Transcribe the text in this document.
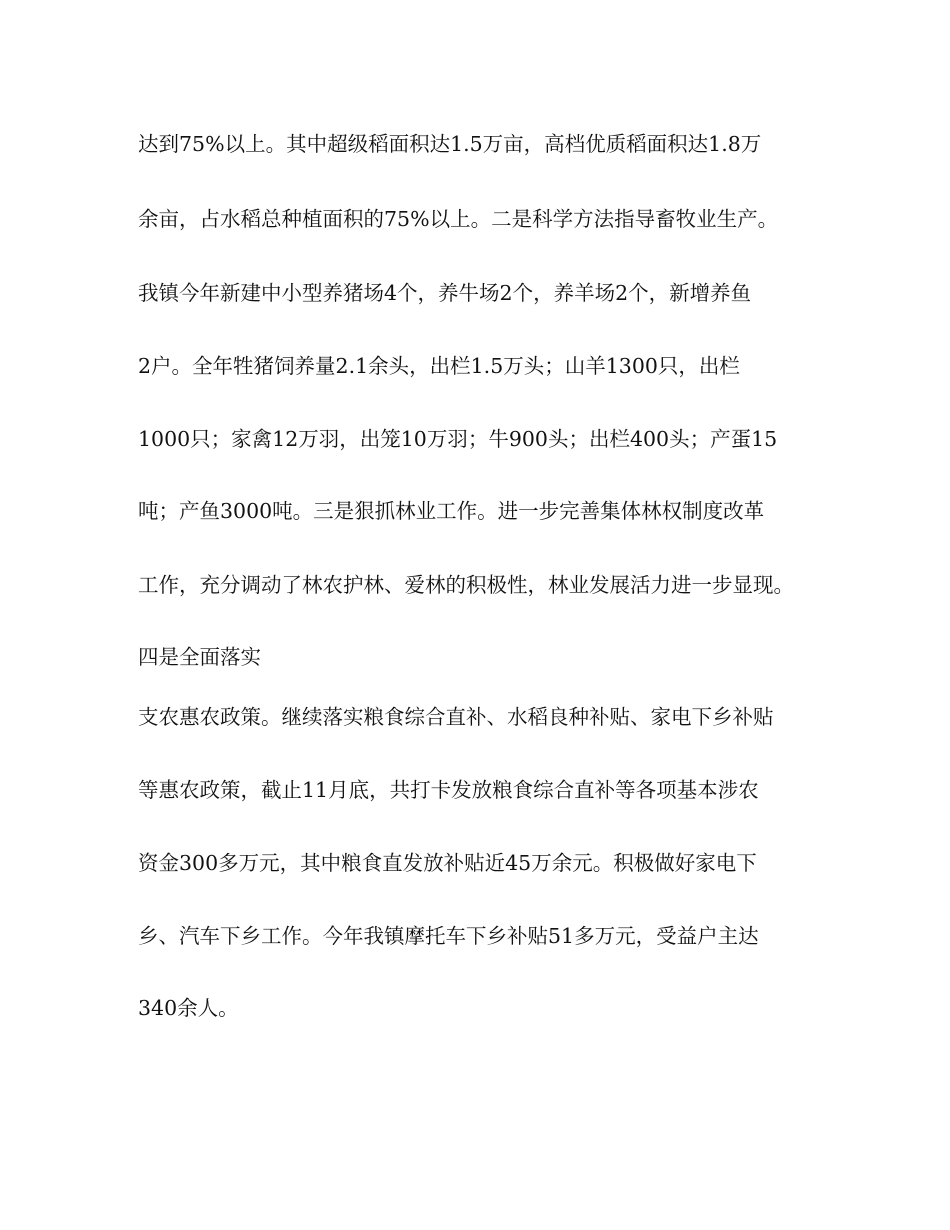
达到75%以上。其中超级稻面积达1.5万亩，高档优质稻面积达1.8万

余亩，占水稻总种植面积的75%以上。二是科学方法指导畜牧业生产。

我镇今年新建中小型养猪场4个，养牛场2个，养羊场2个，新增养鱼

2户。全年牲猪饲养量2.1余头，出栏1.5万头；山羊1300只，出栏

1000只；家禽12万羽，出笼10万羽；牛900头；出栏400头；产蛋15

吨；产鱼3000吨。三是狠抓林业工作。进一步完善集体林权制度改革

工作，充分调动了林农护林、爱林的积极性，林业发展活力进一步显现。

四是全面落实

支农惠农政策。继续落实粮食综合直补、水稻良种补贴、家电下乡补贴

等惠农政策，截止11月底，共打卡发放粮食综合直补等各项基本涉农

资金300多万元，其中粮食直发放补贴近45万余元。积极做好家电下

乡、汽车下乡工作。今年我镇摩托车下乡补贴51多万元，受益户主达

340余人。
